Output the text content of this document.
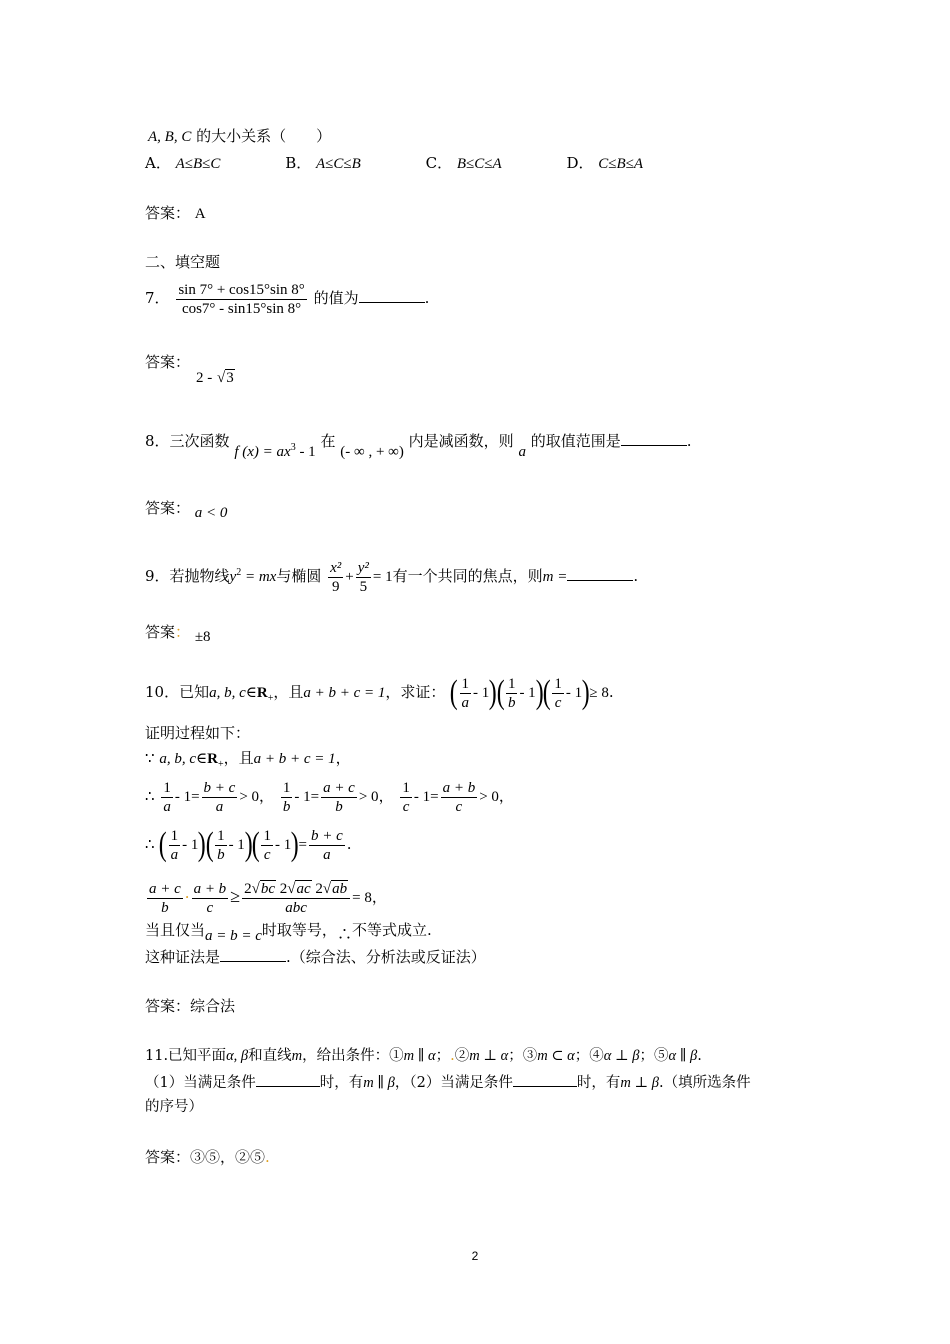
A, B, C 的大小关系（　　）
A． A≤B≤C	B． A≤C≤B	C． B≤C≤A	D． C≤B≤A
答案： A
二、填空题
7． $\frac{\sin 7^\circ + \cos 15^\circ\sin 8^\circ}{\cos 7^\circ - \sin 15^\circ\sin 8^\circ}$ 的值为	.
答案：
2 - √3
8．三次函数 f $(x) = ax^3 - 1$ 在 (- ∞ , + ∞) 内是减函数，则 a 的取值范围是	.
答案： a < 0
9．若抛物线$y^2$ = mx与椭圆 $\frac{\text{x²}}{9} + \frac{\text{y²}}{5} = 1$有一个共同的焦点，则m =	.
答案： ±8
10．已知a, b, $c\in R_+$，且a + b + c = 1，求证： ( $\frac{1}{a} - 1)( \frac{1}{b} - 1)( \frac{1}{c} - 1)\ge 8$.
证明过程如下：
∵ a, b, $c\in R_+$，且a + b + c = 1，
∴ $\frac{1}{a} - 1= \frac{b + c}{a} > 0$， $\frac{1}{b} - 1= \frac{a + c}{b} > 0$， $\frac{1}{c} - 1= \frac{a + b}{c} > 0$，
∴ ( $\frac{1}{a} - 1)( \frac{1}{b} - 1)( \frac{1}{c} - 1)= \frac{b + c}{a}$ .
$\frac{a + c}{b} \cdot \frac{a + b}{c} \ge \frac{2√bc 2√ac 2√ab}{\text{abc}} = 8$，
当且仅当a = b = c时取等号，∴不等式成立.
这种证法是	.（综合法、分析法或反证法）
答案：综合法
11.已知平面α, β和直线m，给出条件：①m ∥ α；.②m ⊥ α；③m ⊂ α；④α ⊥ β；⑤α ∥ β.
（1）当满足条件	时，有m ∥ β，（2）当满足条件	时，有m ⊥ β.（填所选条件
的序号）
答案：③⑤，②⑤.
2
